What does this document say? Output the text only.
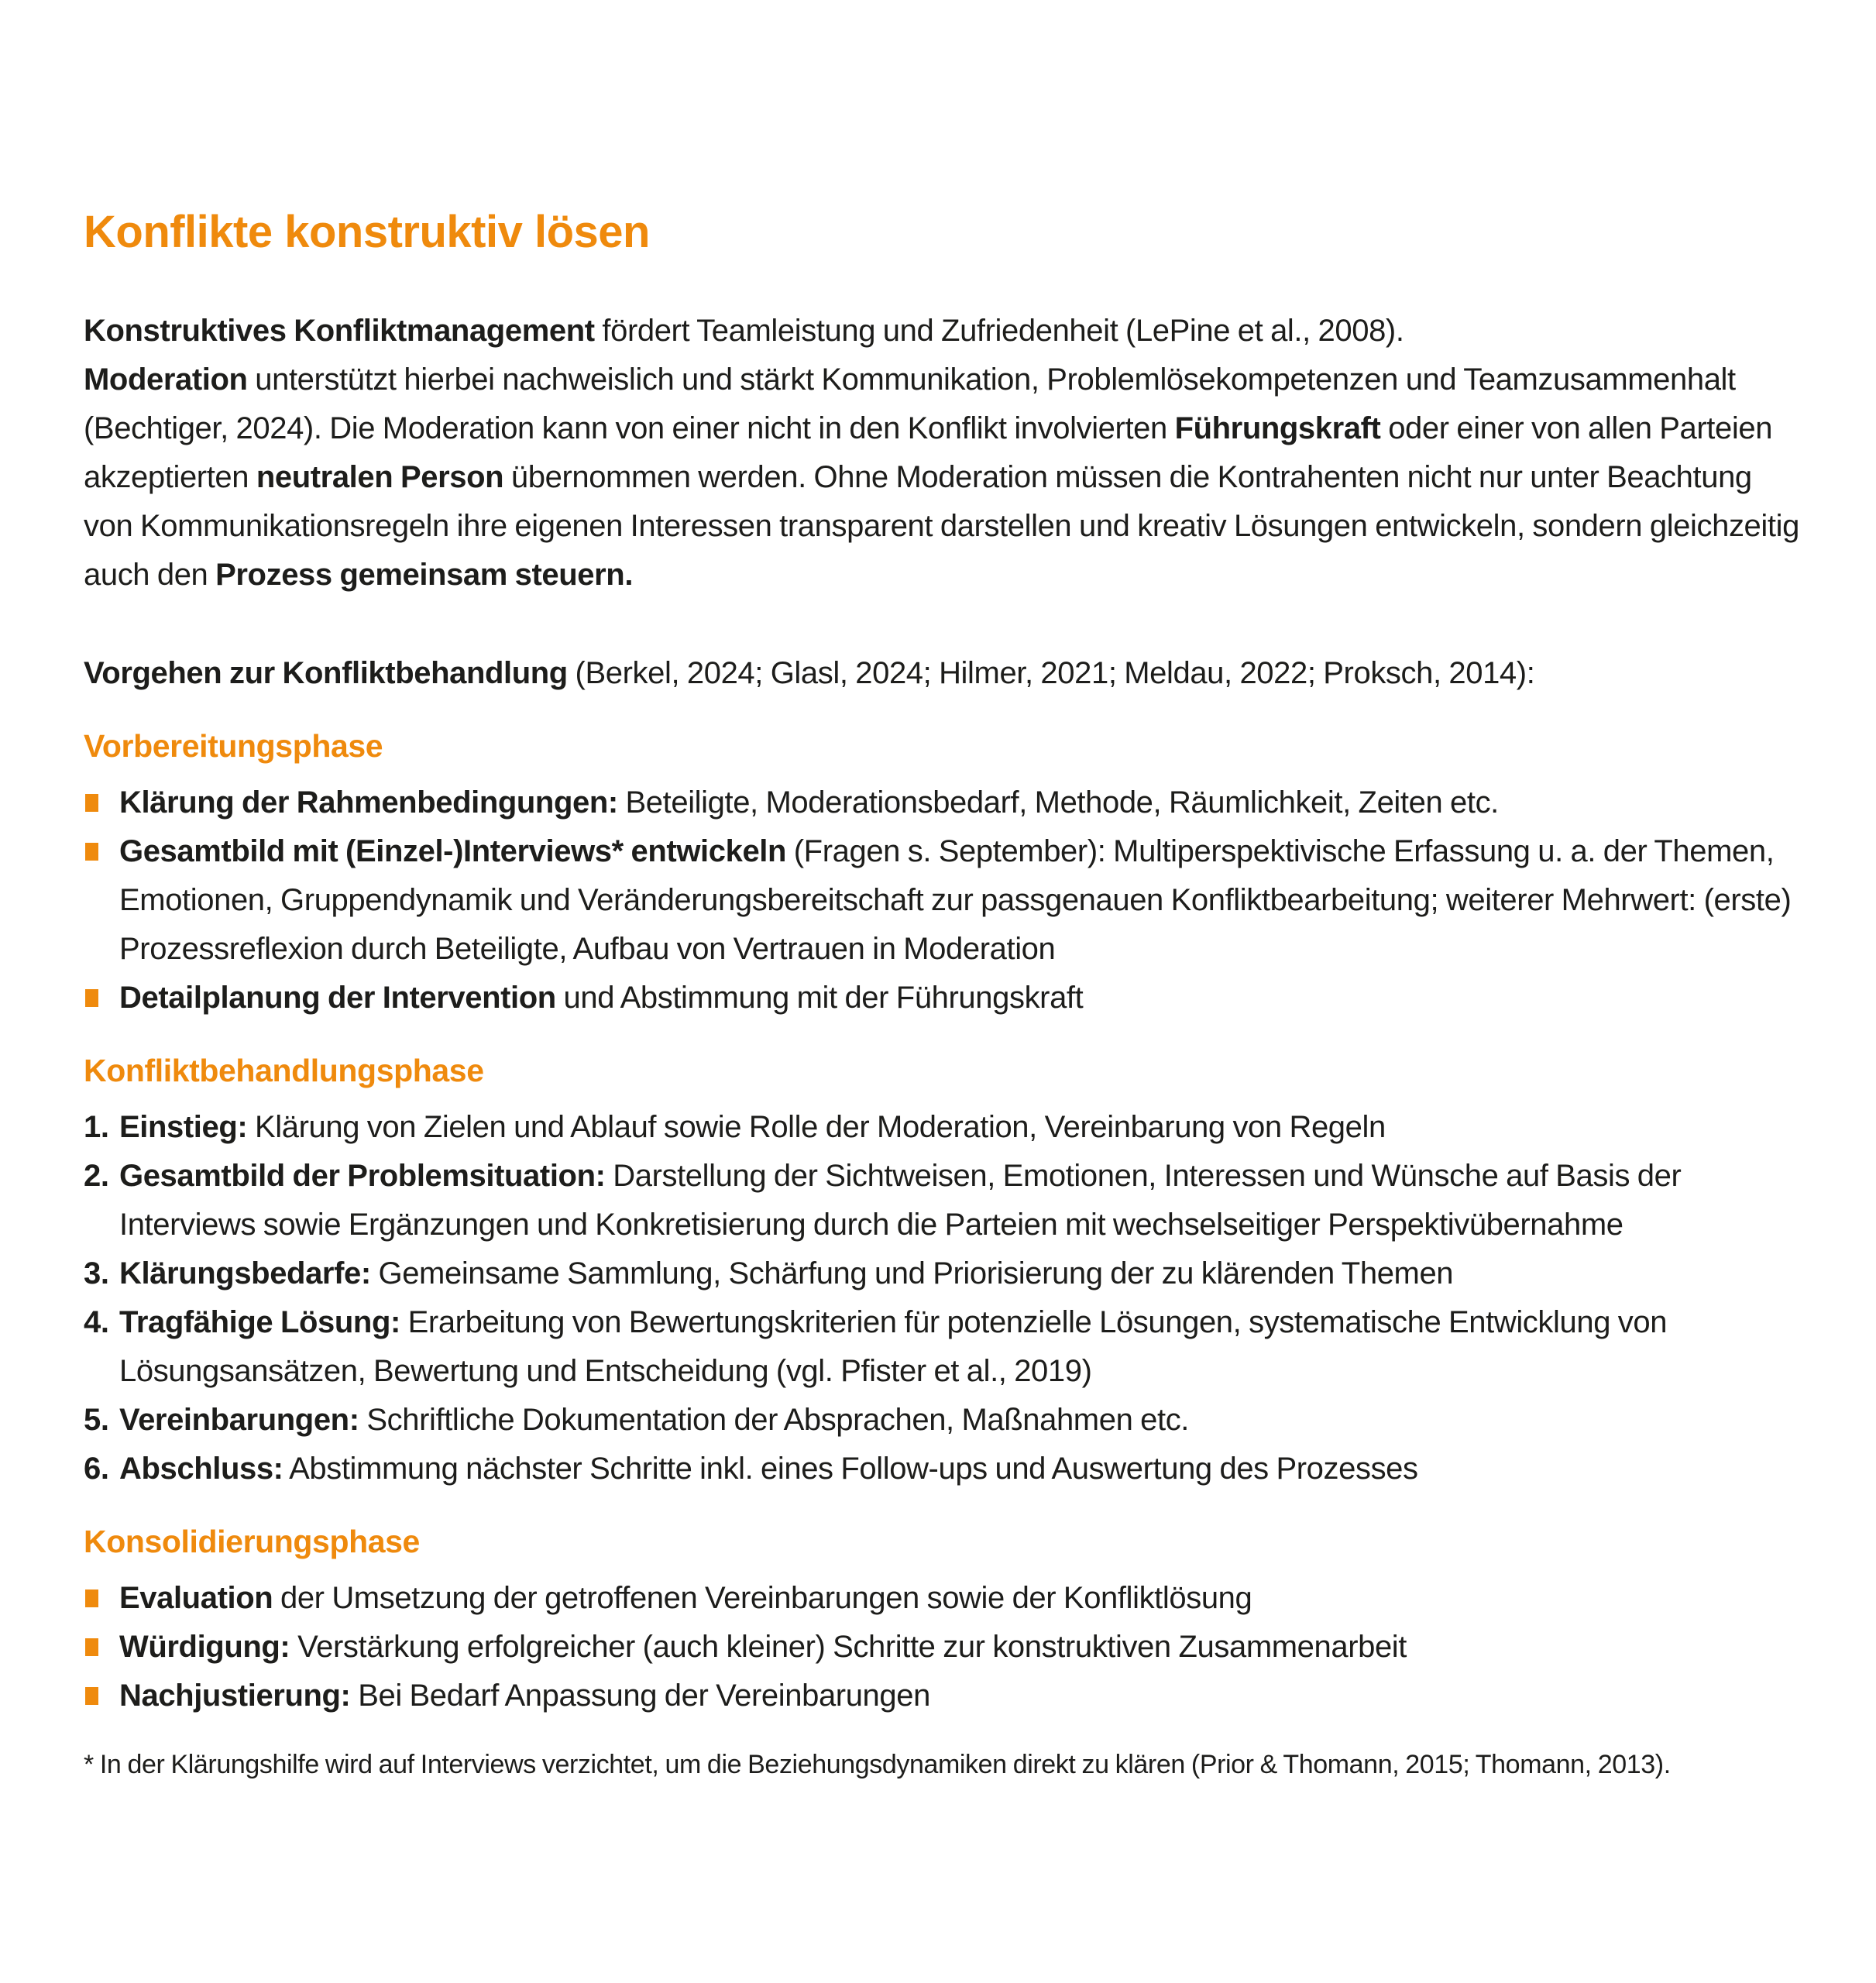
Konflikte konstruktiv lösen

Konstruktives Konfliktmanagement fördert Teamleistung und Zufriedenheit (LePine et al., 2008).
Moderation unterstützt hierbei nachweislich und stärkt Kommunikation, Problemlösekompetenzen und Teamzusammenhalt (Bechtiger, 2024). Die Moderation kann von einer nicht in den Konflikt involvierten Führungskraft oder einer von allen Parteien akzeptierten neutralen Person übernommen werden. Ohne Moderation müssen die Kontrahenten nicht nur unter Beachtung von Kommunikationsregeln ihre eigenen Interessen transparent darstellen und kreativ Lösungen entwickeln, sondern gleichzeitig auch den Prozess gemeinsam steuern.

Vorgehen zur Konfliktbehandlung (Berkel, 2024; Glasl, 2024; Hilmer, 2021; Meldau, 2022; Proksch, 2014):

Vorbereitungsphase
Klärung der Rahmenbedingungen: Beteiligte, Moderationsbedarf, Methode, Räumlichkeit, Zeiten etc.
Gesamtbild mit (Einzel-)Interviews* entwickeln (Fragen s. September): Multiperspektivische Erfassung u. a. der Themen, Emotionen, Gruppendynamik und Veränderungsbereitschaft zur passgenauen Konfliktbearbeitung; weiterer Mehrwert: (erste) Prozessreflexion durch Beteiligte, Aufbau von Vertrauen in Moderation
Detailplanung der Intervention und Abstimmung mit der Führungskraft
Konfliktbehandlungsphase
1. Einstieg: Klärung von Zielen und Ablauf sowie Rolle der Moderation, Vereinbarung von Regeln
2. Gesamtbild der Problemsituation: Darstellung der Sichtweisen, Emotionen, Interessen und Wünsche auf Basis der Interviews sowie Ergänzungen und Konkretisierung durch die Parteien mit wechselseitiger Perspektivübernahme
3. Klärungsbedarfe: Gemeinsame Sammlung, Schärfung und Priorisierung der zu klärenden Themen
4. Tragfähige Lösung: Erarbeitung von Bewertungskriterien für potenzielle Lösungen, systematische Entwicklung von Lösungsansätzen, Bewertung und Entscheidung (vgl. Pfister et al., 2019)
5. Vereinbarungen: Schriftliche Dokumentation der Absprachen, Maßnahmen etc.
6. Abschluss: Abstimmung nächster Schritte inkl. eines Follow-ups und Auswertung des Prozesses
Konsolidierungsphase
Evaluation der Umsetzung der getroffenen Vereinbarungen sowie der Konfliktlösung
Würdigung: Verstärkung erfolgreicher (auch kleiner) Schritte zur konstruktiven Zusammenarbeit
Nachjustierung: Bei Bedarf Anpassung der Vereinbarungen

* In der Klärungshilfe wird auf Interviews verzichtet, um die Beziehungsdynamiken direkt zu klären (Prior & Thomann, 2015; Thomann, 2013).
